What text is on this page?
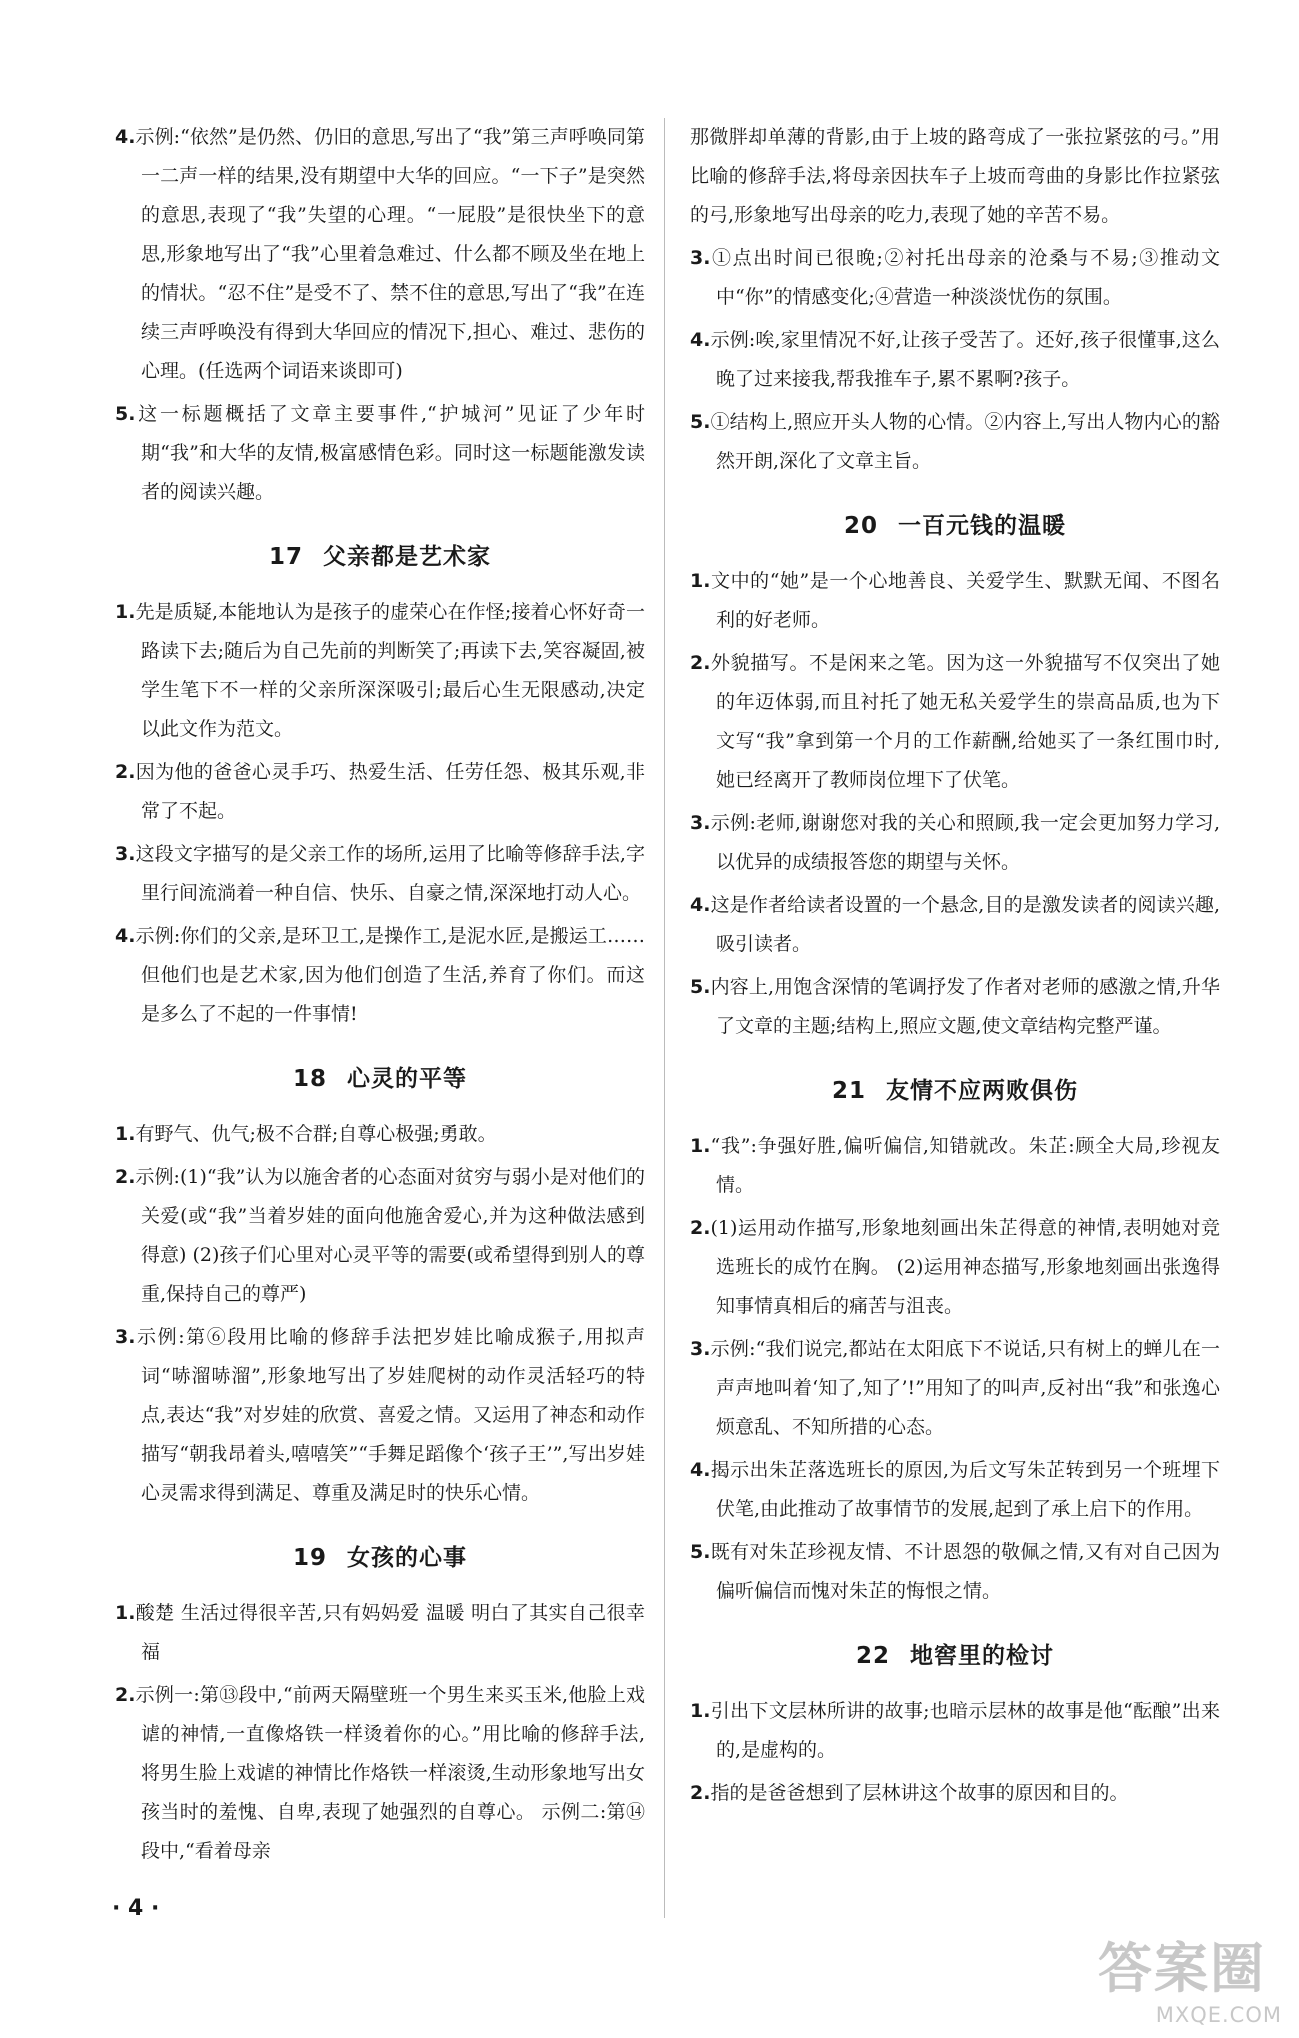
4.示例:“依然”是仍然、仍旧的意思,写出了“我”第三声呼唤同第一二声一样的结果,没有期望中大华的回应。“一下子”是突然的意思,表现了“我”失望的心理。“一屁股”是很快坐下的意思,形象地写出了“我”心里着急难过、什么都不顾及坐在地上的情状。“忍不住”是受不了、禁不住的意思,写出了“我”在连续三声呼唤没有得到大华回应的情况下,担心、难过、悲伤的心理。(任选两个词语来谈即可)

5.这一标题概括了文章主要事件,“护城河”见证了少年时期“我”和大华的友情,极富感情色彩。同时这一标题能激发读者的阅读兴趣。

17 父亲都是艺术家

1.先是质疑,本能地认为是孩子的虚荣心在作怪;接着心怀好奇一路读下去;随后为自己先前的判断笑了;再读下去,笑容凝固,被学生笔下不一样的父亲所深深吸引;最后心生无限感动,决定以此文作为范文。

2.因为他的爸爸心灵手巧、热爱生活、任劳任怨、极其乐观,非常了不起。

3.这段文字描写的是父亲工作的场所,运用了比喻等修辞手法,字里行间流淌着一种自信、快乐、自豪之情,深深地打动人心。

4.示例:你们的父亲,是环卫工,是操作工,是泥水匠,是搬运工……但他们也是艺术家,因为他们创造了生活,养育了你们。而这是多么了不起的一件事情!

18 心灵的平等

1.有野气、仇气;极不合群;自尊心极强;勇敢。

2.示例:(1)“我”认为以施舍者的心态面对贫穷与弱小是对他们的关爱(或“我”当着岁娃的面向他施舍爱心,并为这种做法感到得意) (2)孩子们心里对心灵平等的需要(或希望得到别人的尊重,保持自己的尊严)

3.示例:第⑥段用比喻的修辞手法把岁娃比喻成猴子,用拟声词“哧溜哧溜”,形象地写出了岁娃爬树的动作灵活轻巧的特点,表达“我”对岁娃的欣赏、喜爱之情。又运用了神态和动作描写“朝我昂着头,嘻嘻笑”“手舞足蹈像个‘孩子王’”,写出岁娃心灵需求得到满足、尊重及满足时的快乐心情。

19 女孩的心事

1.酸楚 生活过得很辛苦,只有妈妈爱 温暖 明白了其实自己很幸福

2.示例一:第⑬段中,“前两天隔壁班一个男生来买玉米,他脸上戏谑的神情,一直像烙铁一样烫着你的心。”用比喻的修辞手法,将男生脸上戏谑的神情比作烙铁一样滚烫,生动形象地写出女孩当时的羞愧、自卑,表现了她强烈的自尊心。 示例二:第⑭段中,“看着母亲

那微胖却单薄的背影,由于上坡的路弯成了一张拉紧弦的弓。”用比喻的修辞手法,将母亲因扶车子上坡而弯曲的身影比作拉紧弦的弓,形象地写出母亲的吃力,表现了她的辛苦不易。

3.①点出时间已很晚;②衬托出母亲的沧桑与不易;③推动文中“你”的情感变化;④营造一种淡淡忧伤的氛围。

4.示例:唉,家里情况不好,让孩子受苦了。还好,孩子很懂事,这么晚了过来接我,帮我推车子,累不累啊?孩子。

5.①结构上,照应开头人物的心情。②内容上,写出人物内心的豁然开朗,深化了文章主旨。

20 一百元钱的温暖

1.文中的“她”是一个心地善良、关爱学生、默默无闻、不图名利的好老师。

2.外貌描写。不是闲来之笔。因为这一外貌描写不仅突出了她的年迈体弱,而且衬托了她无私关爱学生的崇高品质,也为下文写“我”拿到第一个月的工作薪酬,给她买了一条红围巾时,她已经离开了教师岗位埋下了伏笔。

3.示例:老师,谢谢您对我的关心和照顾,我一定会更加努力学习,以优异的成绩报答您的期望与关怀。

4.这是作者给读者设置的一个悬念,目的是激发读者的阅读兴趣,吸引读者。

5.内容上,用饱含深情的笔调抒发了作者对老师的感激之情,升华了文章的主题;结构上,照应文题,使文章结构完整严谨。

21 友情不应两败俱伤

1.“我”:争强好胜,偏听偏信,知错就改。朱芷:顾全大局,珍视友情。

2.(1)运用动作描写,形象地刻画出朱芷得意的神情,表明她对竞选班长的成竹在胸。 (2)运用神态描写,形象地刻画出张逸得知事情真相后的痛苦与沮丧。

3.示例:“我们说完,都站在太阳底下不说话,只有树上的蝉儿在一声声地叫着‘知了,知了’!”用知了的叫声,反衬出“我”和张逸心烦意乱、不知所措的心态。

4.揭示出朱芷落选班长的原因,为后文写朱芷转到另一个班埋下伏笔,由此推动了故事情节的发展,起到了承上启下的作用。

5.既有对朱芷珍视友情、不计恩怨的敬佩之情,又有对自己因为偏听偏信而愧对朱芷的悔恨之情。

22 地窖里的检讨

1.引出下文层林所讲的故事;也暗示层林的故事是他“酝酿”出来的,是虚构的。

2.指的是爸爸想到了层林讲这个故事的原因和目的。

· 4 ·
答案圈
MXQE.COM
